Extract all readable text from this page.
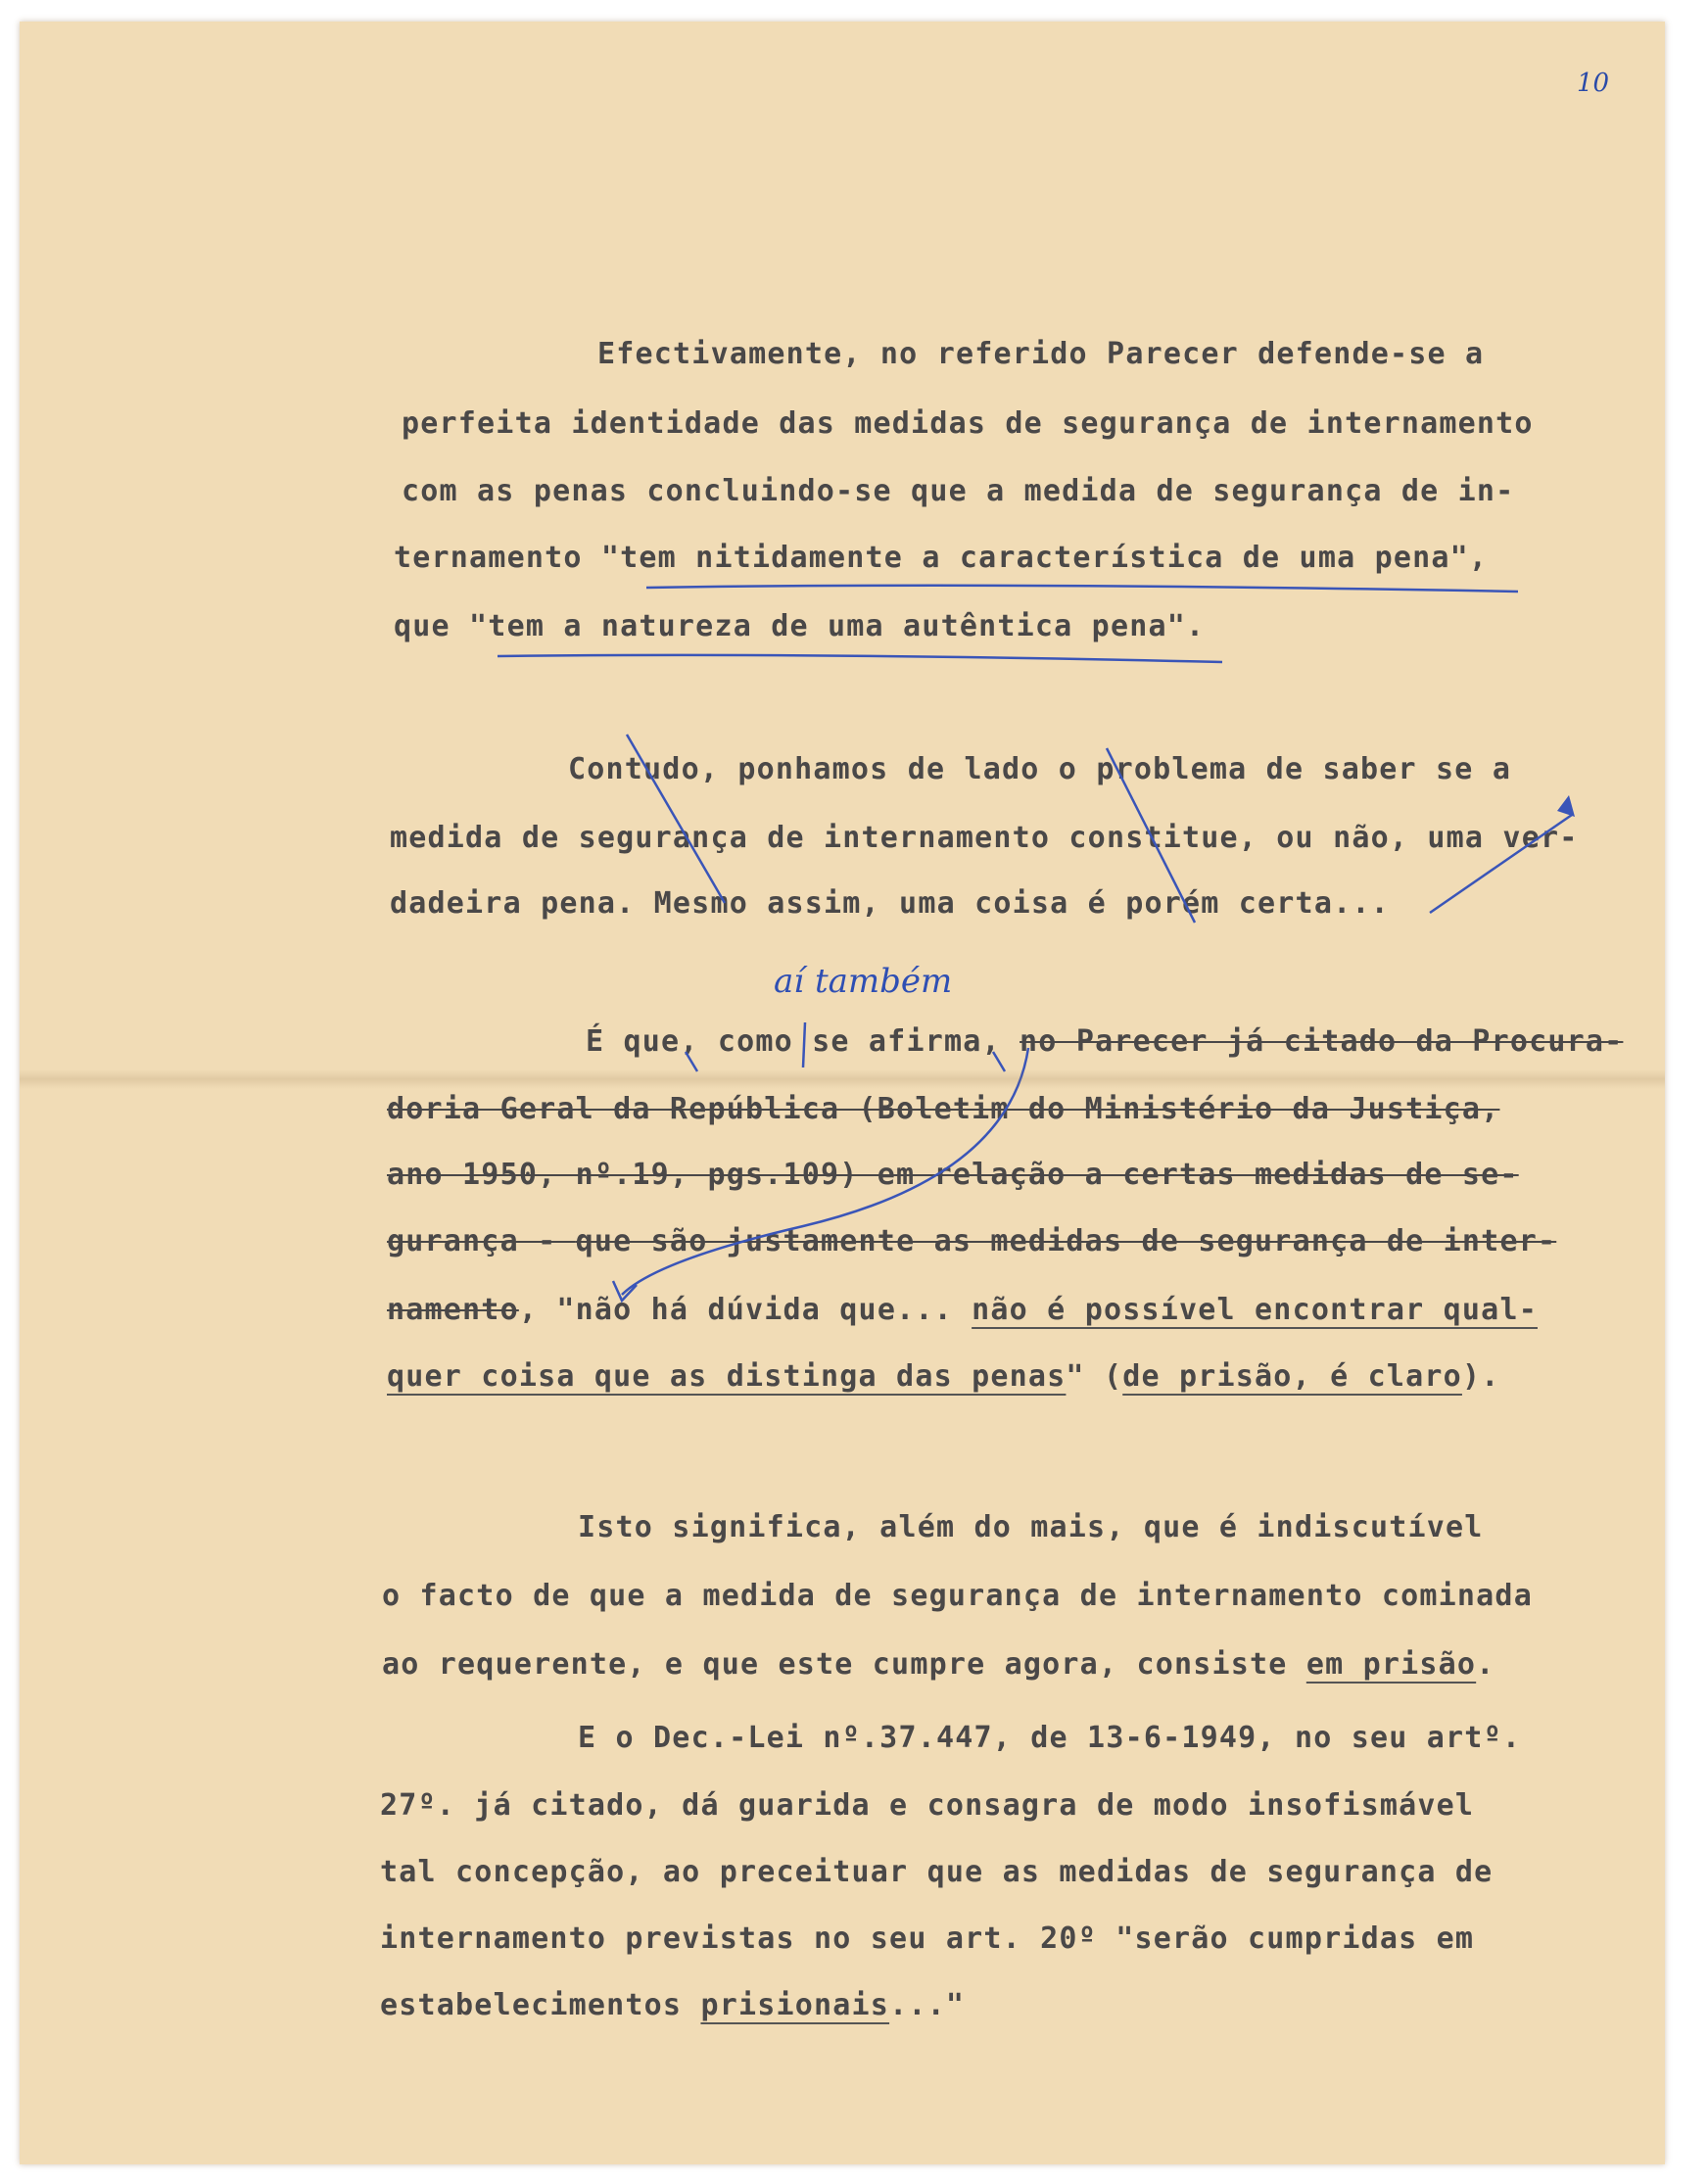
10
Efectivamente, no referido Parecer defende-se a
perfeita identidade das medidas de segurança de internamento
com as penas concluindo-se que a medida de segurança de in-
ternamento "tem nitidamente a característica de uma pena",
que "tem a natureza de uma autêntica pena".
Contudo, ponhamos de lado o problema de saber se a
medida de segurança de internamento constitue, ou não, uma ver-
dadeira pena. Mesmo assim, uma coisa é porém certa...
aí também
É que, como se afirma, no Parecer já citado da Procura-
doria Geral da República (Boletim do Ministério da Justiça,
ano 1950, nº.19, pgs.109) em relação a certas medidas de se-
gurança - que são justamente as medidas de segurança de inter-
namento, "não há dúvida que... não é possível encontrar qual-
quer coisa que as distinga das penas" (de prisão, é claro).
Isto significa, além do mais, que é indiscutível
o facto de que a medida de segurança de internamento cominada
ao requerente, e que este cumpre agora, consiste em prisão.
E o Dec.-Lei nº.37.447, de 13-6-1949, no seu artº.
27º. já citado, dá guarida e consagra de modo insofismável
tal concepção, ao preceituar que as medidas de segurança de
internamento previstas no seu art. 20º "serão cumpridas em
estabelecimentos prisionais..."
